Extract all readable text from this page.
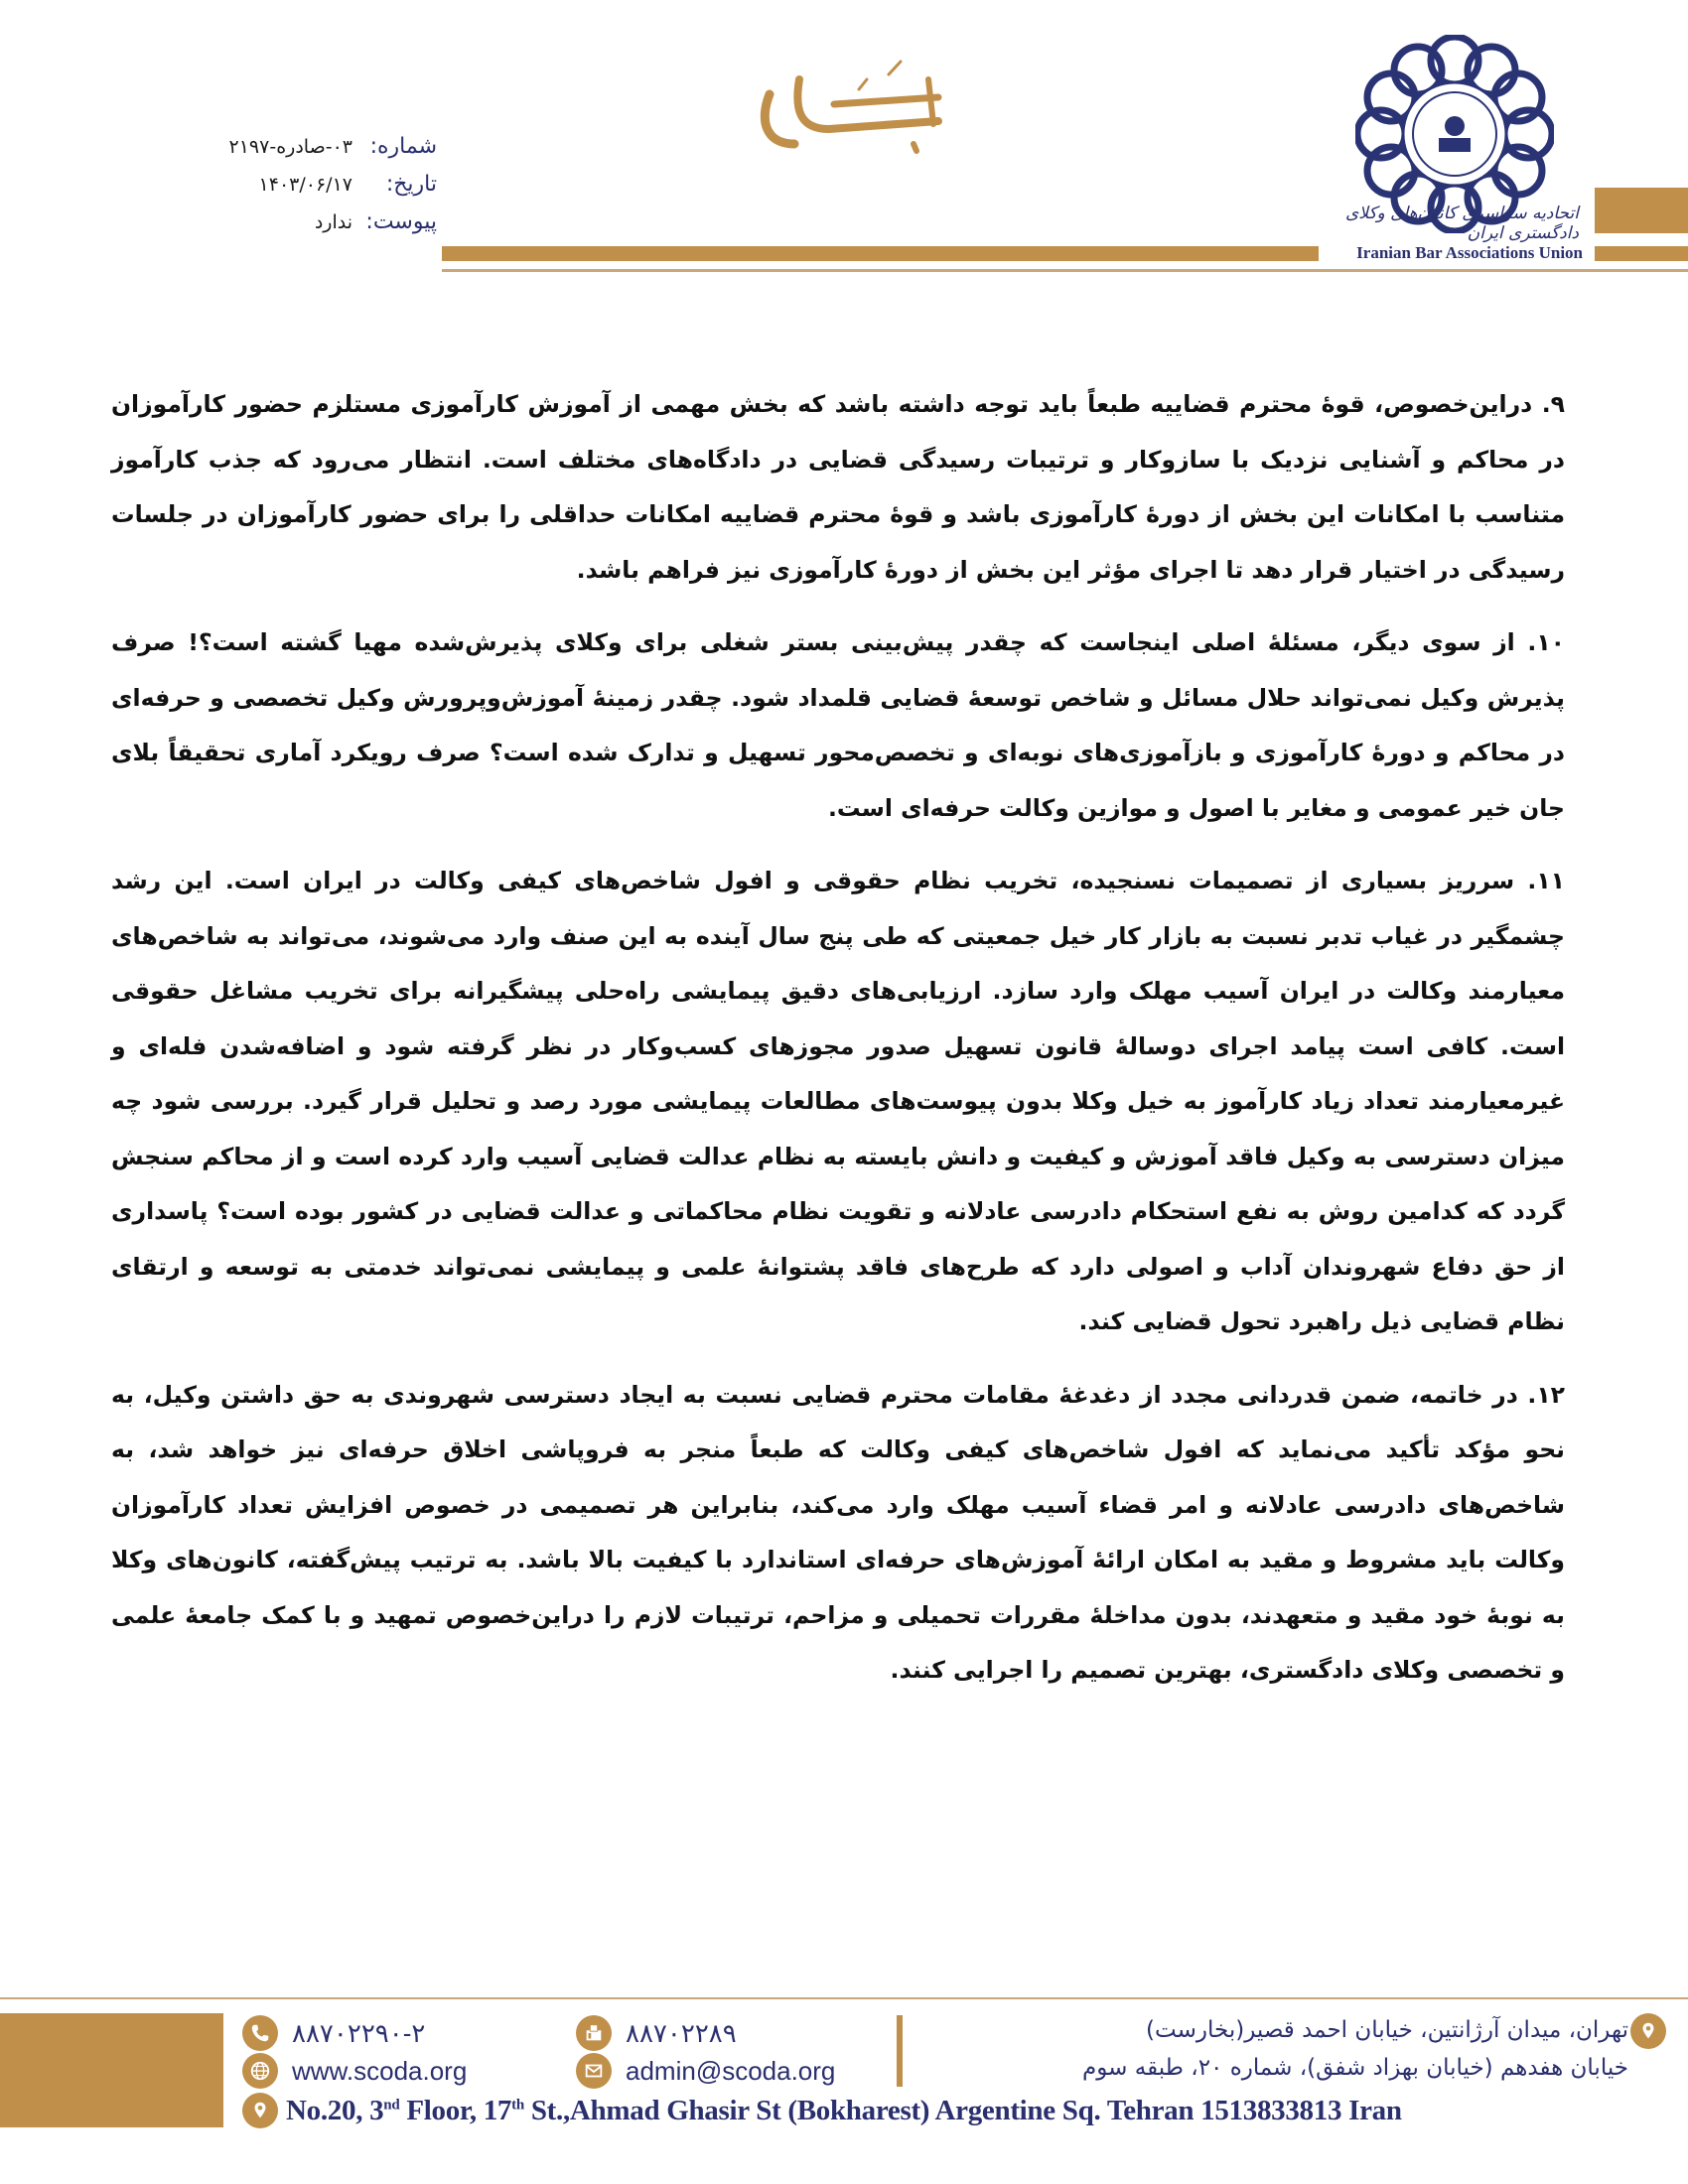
اتحادیه سراسری کانون‌های وکلای دادگستری ایران
Iranian Bar Associations Union
بسمه تعالی
شماره:
۰۳-صادره-۲۱۹۷
تاریخ:
۱۴۰۳/۰۶/۱۷
پیوست:
ندارد

۹. دراین‌خصوص، قوهٔ محترم قضاییه طبعاً باید توجه داشته باشد که بخش مهمی از آموزش کارآموزی مستلزم حضور کارآموزان در محاکم و آشنایی نزدیک با سازوکار و ترتیبات رسیدگی قضایی در دادگاه‌های مختلف است. انتظار می‌رود که جذب کارآموز متناسب با امکانات این بخش از دورهٔ کارآموزی باشد و قوهٔ محترم قضاییه امکانات حداقلی را برای حضور کارآموزان در جلسات رسیدگی در اختیار قرار دهد تا اجرای مؤثر این بخش از دورهٔ کارآموزی نیز فراهم باشد.

۱۰. از سوی دیگر، مسئلهٔ اصلی اینجاست که چقدر پیش‌بینی بستر شغلی برای وکلای پذیرش‌شده مهیا گشته است؟! صرف پذیرش وکیل نمی‌تواند حلال مسائل و شاخص توسعهٔ قضایی قلمداد شود. چقدر زمینهٔ آموزش‌وپرورش وکیل تخصصی و حرفه‌ای در محاکم و دورهٔ کارآموزی و بازآموزی‌های نوبه‌ای و تخصص‌محور تسهیل و تدارک شده است؟ صرف رویکرد آماری تحقیقاً بلای جان خیر عمومی و مغایر با اصول و موازین وکالت حرفه‌ای است.

۱۱. سرریز بسیاری از تصمیمات نسنجیده، تخریب نظام حقوقی و افول شاخص‌های کیفی وکالت در ایران است. این رشد چشمگیر در غیاب تدبر نسبت به بازار کار خیل جمعیتی که طی پنج سال آینده به این صنف وارد می‌شوند، می‌تواند به شاخص‌های معیارمند وکالت در ایران آسیب مهلک وارد سازد. ارزیابی‌های دقیق پیمایشی راه‌حلی پیشگیرانه برای تخریب مشاغل حقوقی است. کافی است پیامد اجرای دوسالهٔ قانون تسهیل صدور مجوزهای کسب‌وکار در نظر گرفته شود و اضافه‌شدن فله‌ای و غیرمعیارمند تعداد زیاد کارآموز به خیل وکلا بدون پیوست‌های مطالعات پیمایشی مورد رصد و تحلیل قرار گیرد. بررسی شود چه میزان دسترسی به وکیل فاقد آموزش و کیفیت و دانش بایسته به نظام عدالت قضایی آسیب وارد کرده است و از محاکم سنجش گردد که کدامین روش به نفع استحکام دادرسی عادلانه و تقویت نظام محاکماتی و عدالت قضایی در کشور بوده است؟ پاسداری از حق دفاع شهروندان آداب و اصولی دارد که طرح‌های فاقد پشتوانهٔ علمی و پیمایشی نمی‌تواند خدمتی به توسعه و ارتقای نظام قضایی ذیل راهبرد تحول قضایی کند.

۱۲. در خاتمه، ضمن قدردانی مجدد از دغدغهٔ مقامات محترم قضایی نسبت به ایجاد دسترسی شهروندی به حق داشتن وکیل، به نحو مؤکد تأکید می‌نماید که افول شاخص‌های کیفی وکالت که طبعاً منجر به فروپاشی اخلاق حرفه‌ای نیز خواهد شد، به شاخص‌های دادرسی عادلانه و امر قضاء آسیب مهلک وارد می‌کند، بنابراین هر تصمیمی در خصوص افزایش تعداد کارآموزان وکالت باید مشروط و مقید به امکان ارائهٔ آموزش‌های حرفه‌ای استاندارد با کیفیت بالا باشد. به ترتیب پیش‌گفته، کانون‌های وکلا به نوبهٔ خود مقید و متعهدند، بدون مداخلهٔ مقررات تحمیلی و مزاحم، ترتیبات لازم را دراین‌خصوص تمهید و با کمک جامعهٔ علمی و تخصصی وکلای دادگستری، بهترین تصمیم را اجرایی کنند.

۸۸۷۰۲۲۹۰-۲	۸۸۷۰۲۲۸۹
www.scoda.org	admin@scoda.org
تهران، میدان آرژانتین، خیابان احمد قصیر(بخارست)
خیابان هفدهم (خیابان بهزاد شفق)، شماره ۲۰، طبقه سوم
No.20, 3nd Floor, 17th St.,Ahmad Ghasir St (Bokharest) Argentine Sq. Tehran 1513833813 Iran
